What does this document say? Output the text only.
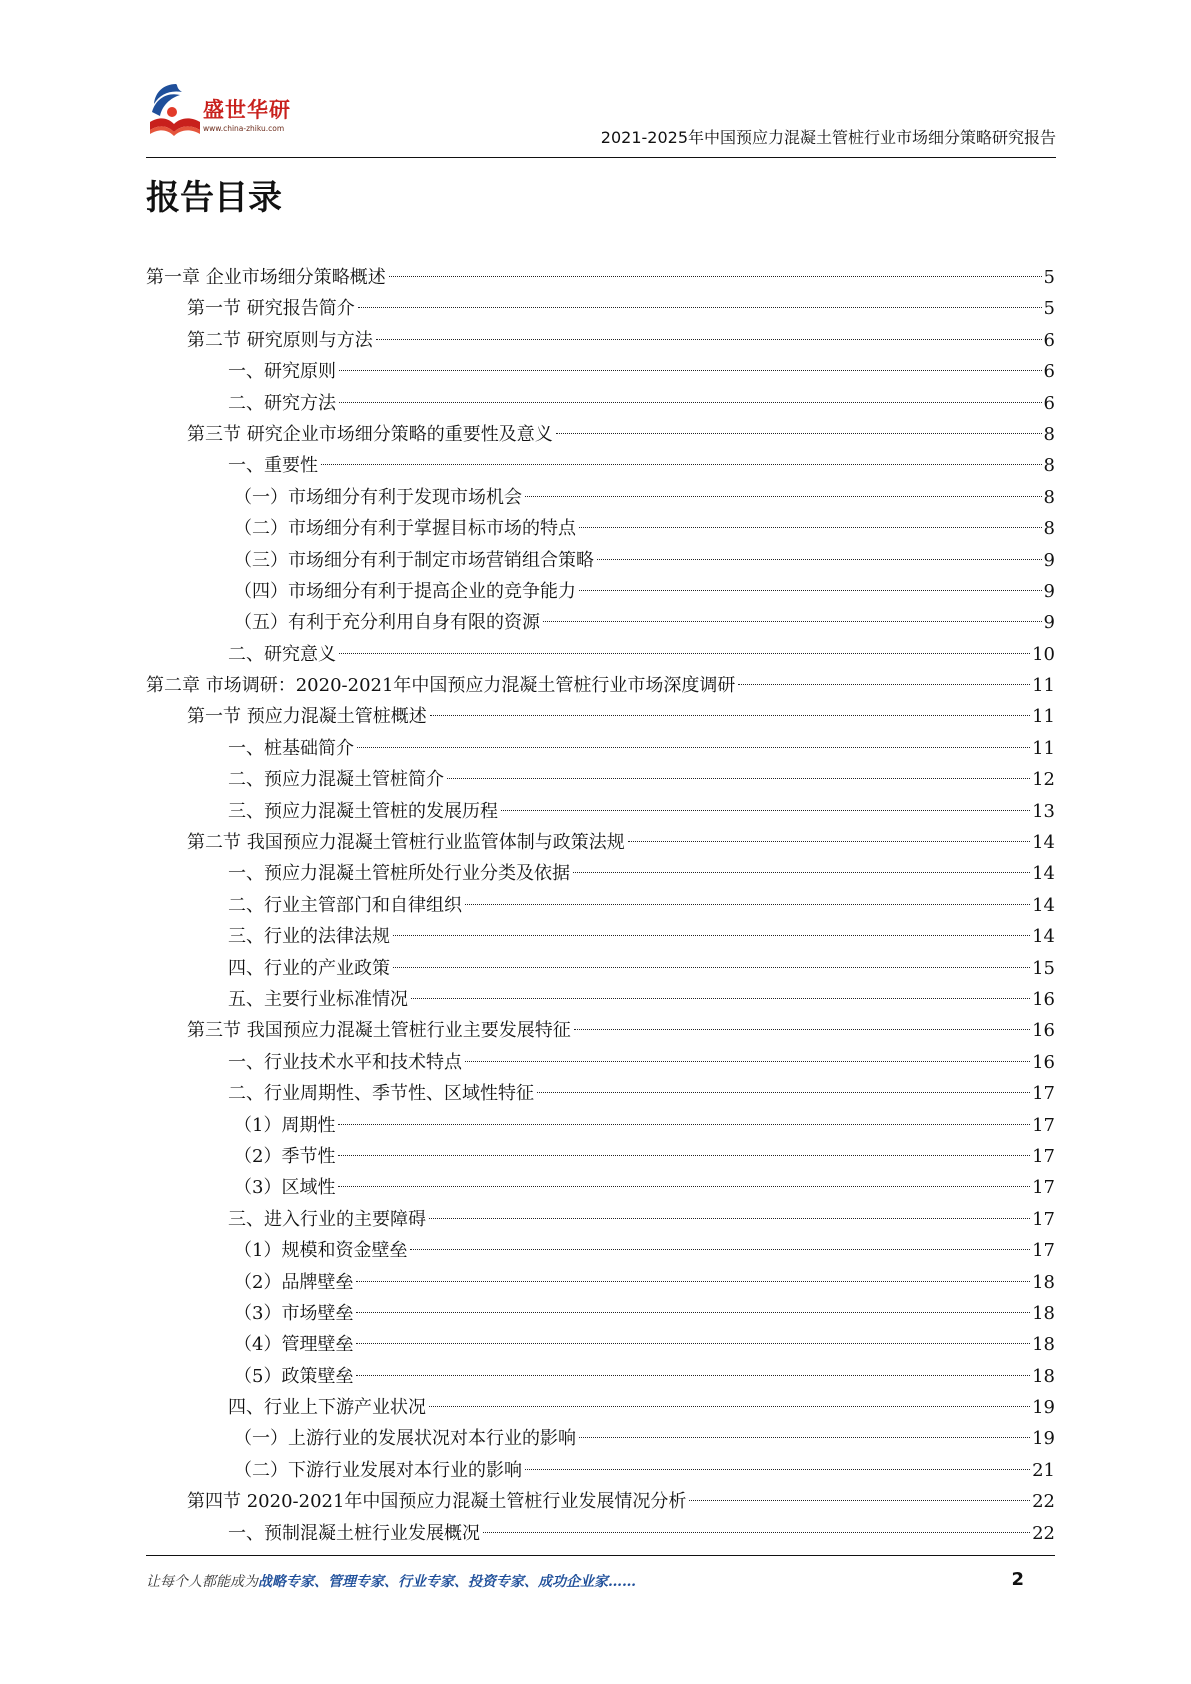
盛世华研
www.china-zhiku.com	2021-2025年中国预应力混凝土管桩行业市场细分策略研究报告
报告目录
第一章 企业市场细分策略概述	5
第一节 研究报告简介	5
第二节 研究原则与方法	6
一、研究原则	6
二、研究方法	6
第三节 研究企业市场细分策略的重要性及意义	8
一、重要性	8
（一）市场细分有利于发现市场机会	8
（二）市场细分有利于掌握目标市场的特点	8
（三）市场细分有利于制定市场营销组合策略	9
（四）市场细分有利于提高企业的竞争能力	9
（五）有利于充分利用自身有限的资源	9
二、研究意义	10
第二章 市场调研：2020-2021年中国预应力混凝土管桩行业市场深度调研	11
第一节 预应力混凝土管桩概述	11
一、桩基础简介	11
二、预应力混凝土管桩简介	12
三、预应力混凝土管桩的发展历程	13
第二节 我国预应力混凝土管桩行业监管体制与政策法规	14
一、预应力混凝土管桩所处行业分类及依据	14
二、行业主管部门和自律组织	14
三、行业的法律法规	14
四、行业的产业政策	15
五、主要行业标准情况	16
第三节 我国预应力混凝土管桩行业主要发展特征	16
一、行业技术水平和技术特点	16
二、行业周期性、季节性、区域性特征	17
（1）周期性	17
（2）季节性	17
（3）区域性	17
三、进入行业的主要障碍	17
（1）规模和资金壁垒	17
（2）品牌壁垒	18
（3）市场壁垒	18
（4）管理壁垒	18
（5）政策壁垒	18
四、行业上下游产业状况	19
（一）上游行业的发展状况对本行业的影响	19
（二）下游行业发展对本行业的影响	21
第四节 2020-2021年中国预应力混凝土管桩行业发展情况分析	22
一、预制混凝土桩行业发展概况	22
让每个人都能成为战略专家、管理专家、行业专家、投资专家、成功企业家……	2
